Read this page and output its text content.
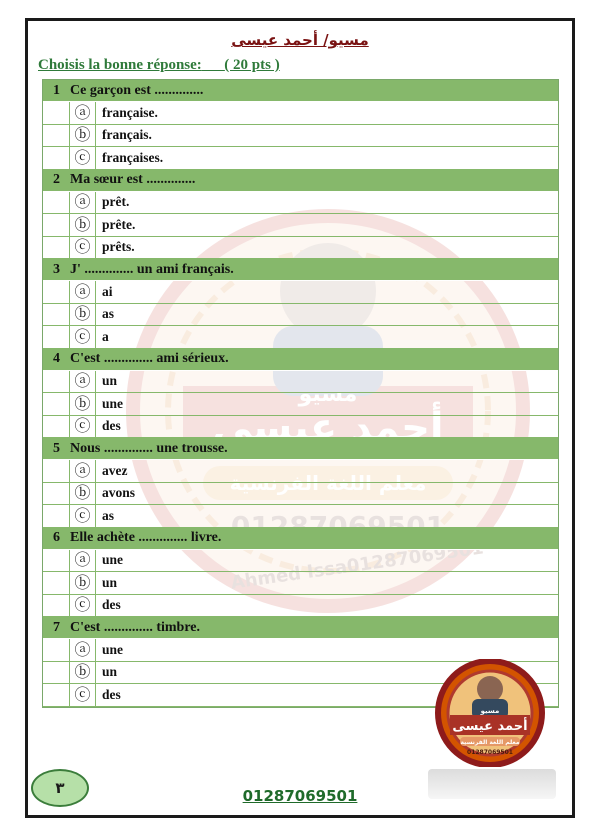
مسيو/ أحمد عيسى
Choisis la bonne réponse: ( 20 pts )
1 Ce garçon est ..............
ⓐ française.
ⓑ français.
ⓒ françaises.
2 Ma sœur est ..............
ⓐ prêt.
ⓑ prête.
ⓒ prêts.
3 J' .............. un ami français.
ⓐ ai
ⓑ as
ⓒ a
4 C'est .............. ami sérieux.
ⓐ un
ⓑ une
ⓒ des
5 Nous .............. une trousse.
ⓐ avez
ⓑ avons
ⓒ as
6 Elle achète .............. livre.
ⓐ une
ⓑ un
ⓒ des
7 C'est .............. timbre.
ⓐ une
ⓑ un
ⓒ des
مسيو
أحمد عيسى
معلم اللغة الفرنسية
01287069501
٣	01287069501
